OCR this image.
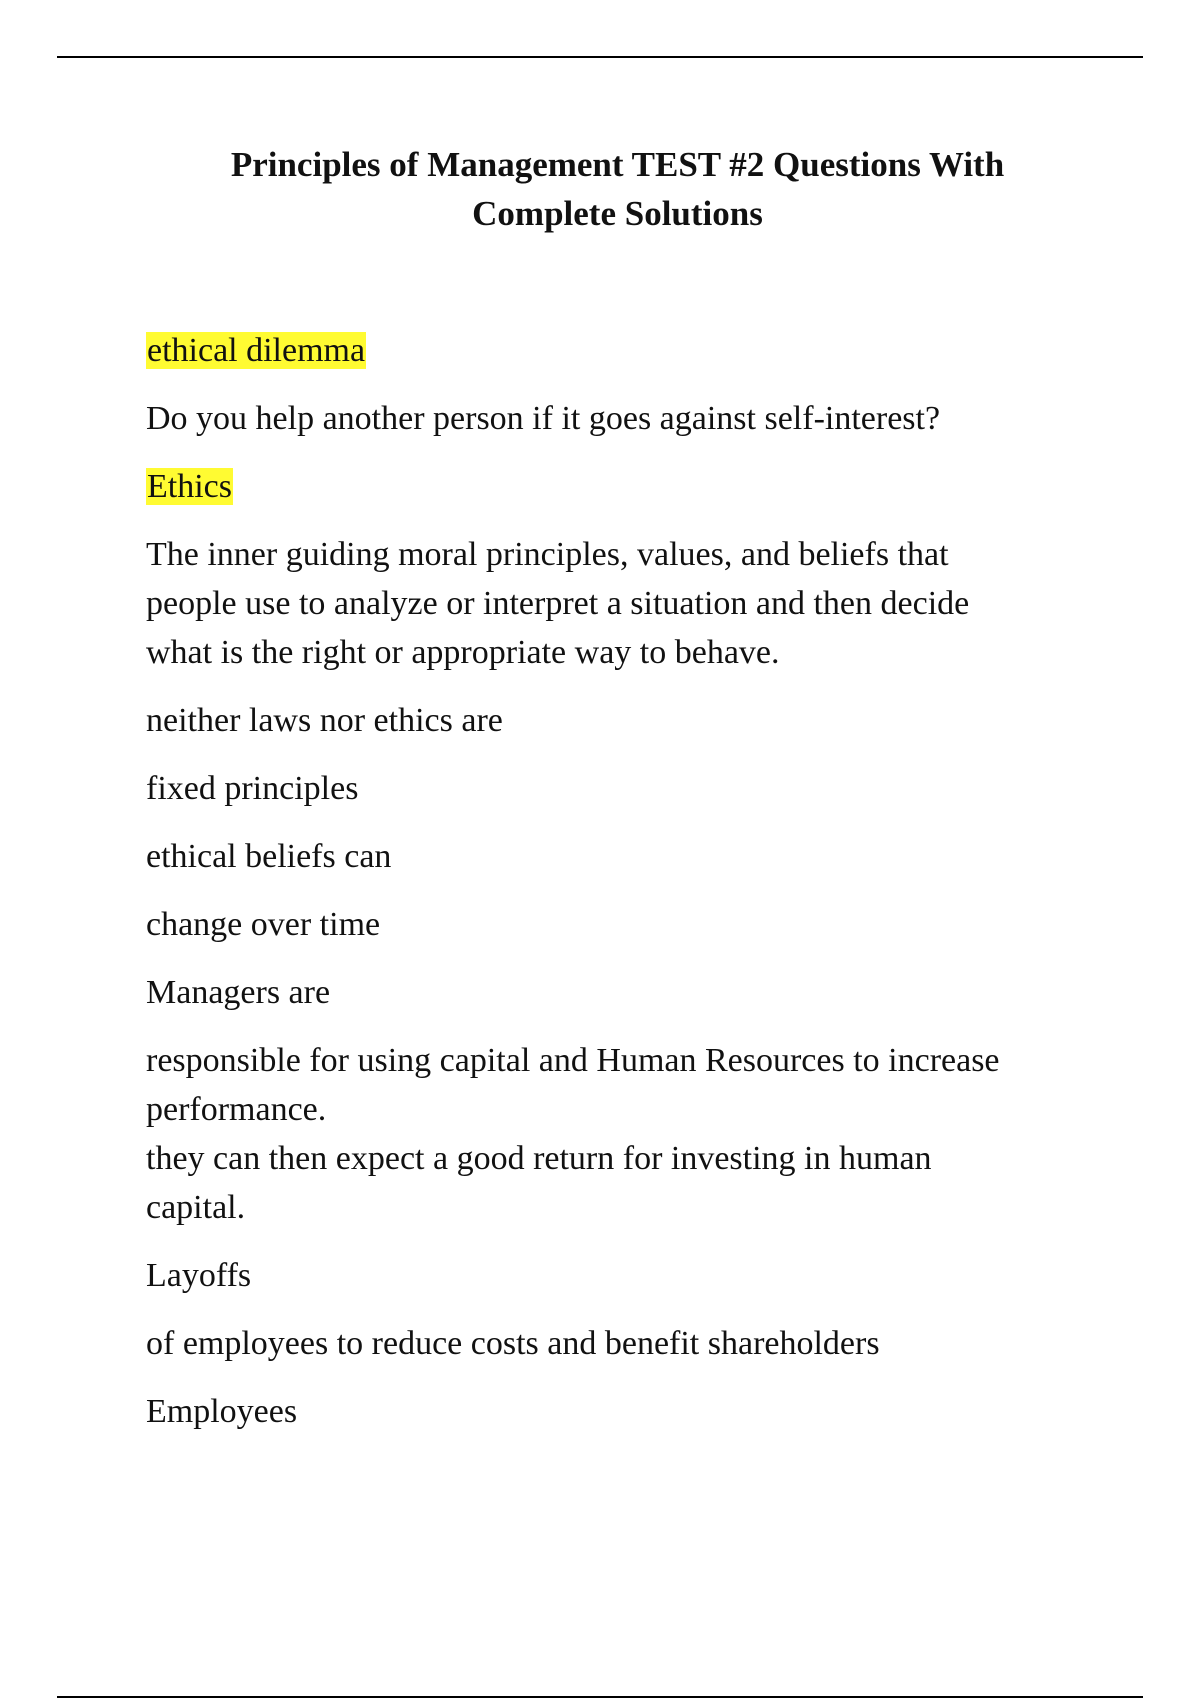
Principles of Management TEST #2 Questions With
Complete Solutions

ethical dilemma

Do you help another person if it goes against self-interest?

Ethics

The inner guiding moral principles, values, and beliefs that
people use to analyze or interpret a situation and then decide
what is the right or appropriate way to behave.

neither laws nor ethics are

fixed principles

ethical beliefs can

change over time

Managers are

responsible for using capital and Human Resources to increase
performance.
they can then expect a good return for investing in human
capital.

Layoffs

of employees to reduce costs and benefit shareholders

Employees
